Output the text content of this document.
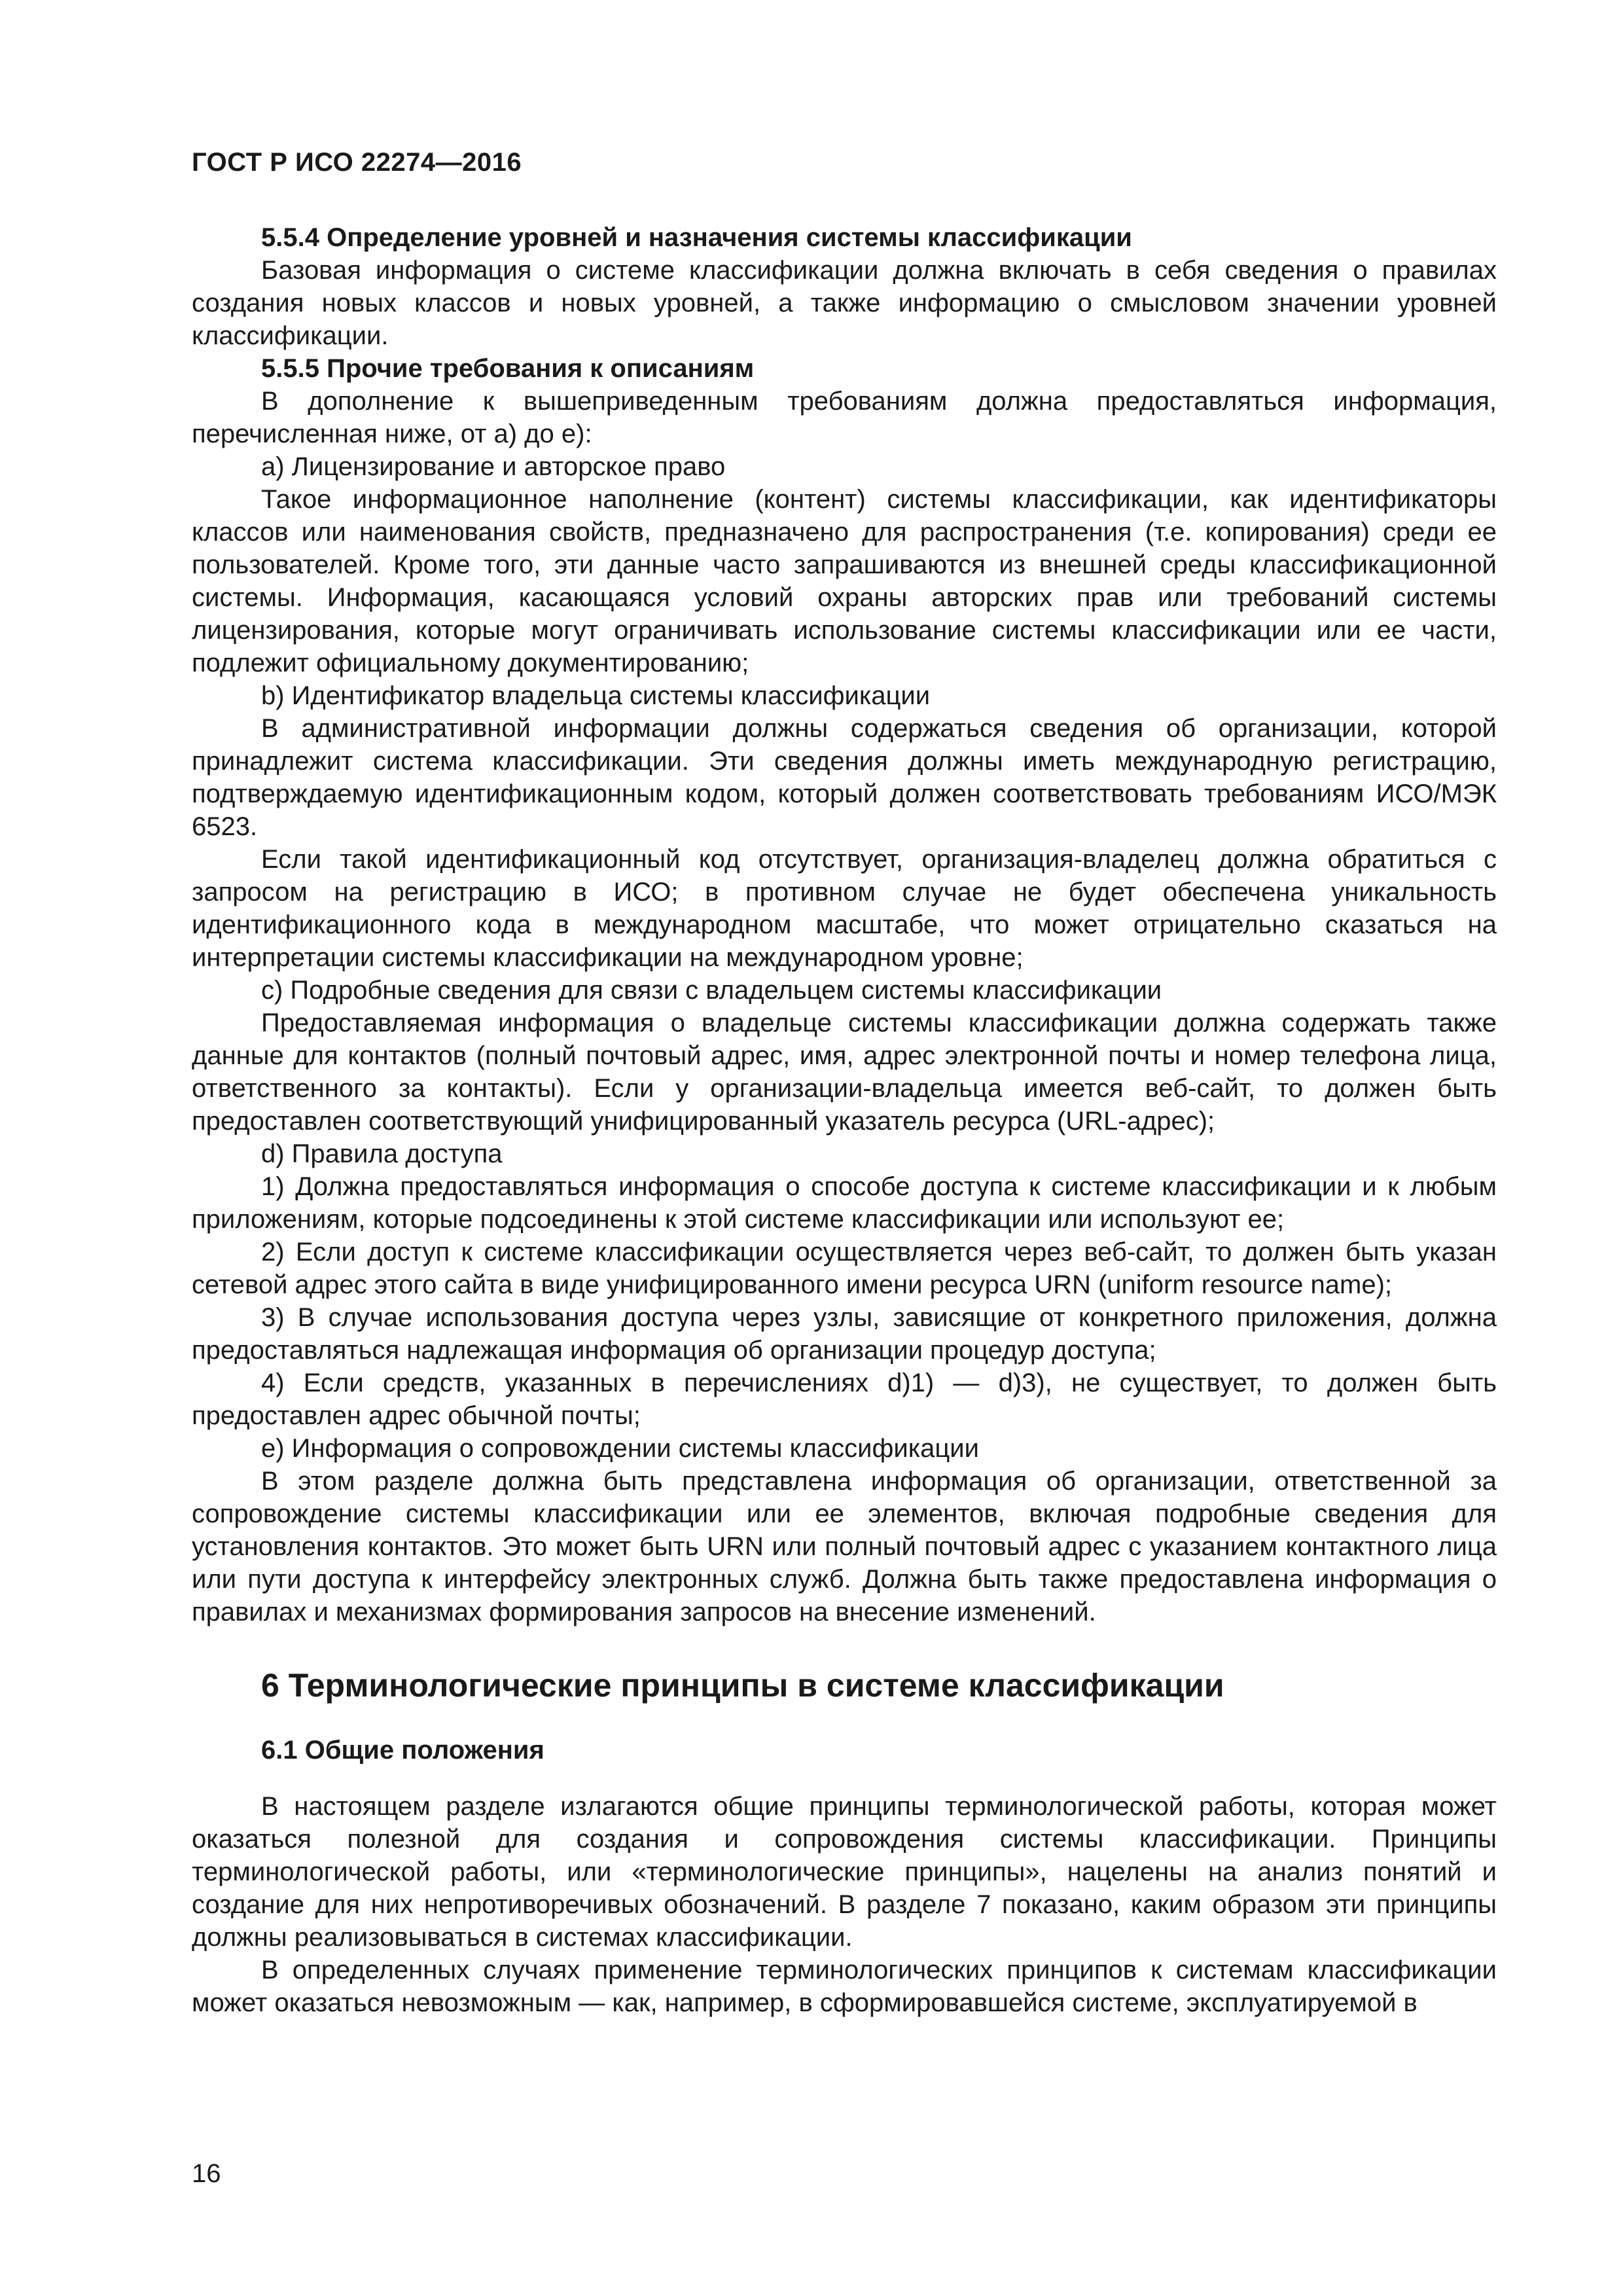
ГОСТ Р ИСО 22274—2016

5.5.4 Определение уровней и назначения системы классификации

Базовая информация о системе классификации должна включать в себя сведения о правилах создания новых классов и новых уровней, а также информацию о смысловом значении уровней классификации.

5.5.5 Прочие требования к описаниям

В дополнение к вышеприведенным требованиям должна предоставляться информация, перечисленная ниже, от а) до е):

а) Лицензирование и авторское право

Такое информационное наполнение (контент) системы классификации, как идентификаторы классов или наименования свойств, предназначено для распространения (т.е. копирования) среди ее пользователей. Кроме того, эти данные часто запрашиваются из внешней среды классификационной системы. Информация, касающаяся условий охраны авторских прав или требований системы лицензирования, которые могут ограничивать использование системы классификации или ее части, подлежит официальному документированию;

b) Идентификатор владельца системы классификации

В административной информации должны содержаться сведения об организации, которой принадлежит система классификации. Эти сведения должны иметь международную регистрацию, подтверждаемую идентификационным кодом, который должен соответствовать требованиям ИСО/МЭК 6523.

Если такой идентификационный код отсутствует, организация-владелец должна обратиться с запросом на регистрацию в ИСО; в противном случае не будет обеспечена уникальность идентификационного кода в международном масштабе, что может отрицательно сказаться на интерпретации системы классификации на международном уровне;

с) Подробные сведения для связи с владельцем системы классификации

Предоставляемая информация о владельце системы классификации должна содержать также данные для контактов (полный почтовый адрес, имя, адрес электронной почты и номер телефона лица, ответственного за контакты). Если у организации-владельца имеется веб-сайт, то должен быть предоставлен соответствующий унифицированный указатель ресурса (URL-адрес);

d) Правила доступа

1) Должна предоставляться информация о способе доступа к системе классификации и к любым приложениям, которые подсоединены к этой системе классификации или используют ее;

2) Если доступ к системе классификации осуществляется через веб-сайт, то должен быть указан сетевой адрес этого сайта в виде унифицированного имени ресурса URN (uniform resource name);

3) В случае использования доступа через узлы, зависящие от конкретного приложения, должна предоставляться надлежащая информация об организации процедур доступа;

4) Если средств, указанных в перечислениях d)1) — d)3), не существует, то должен быть предоставлен адрес обычной почты;

е) Информация о сопровождении системы классификации

В этом разделе должна быть представлена информация об организации, ответственной за сопровождение системы классификации или ее элементов, включая подробные сведения для установления контактов. Это может быть URN или полный почтовый адрес с указанием контактного лица или пути доступа к интерфейсу электронных служб. Должна быть также предоставлена информация о правилах и механизмах формирования запросов на внесение изменений.

6 Терминологические принципы в системе классификации

6.1 Общие положения

В настоящем разделе излагаются общие принципы терминологической работы, которая может оказаться полезной для создания и сопровождения системы классификации. Принципы терминологической работы, или «терминологические принципы», нацелены на анализ понятий и создание для них непротиворечивых обозначений. В разделе 7 показано, каким образом эти принципы должны реализовываться в системах классификации.

В определенных случаях применение терминологических принципов к системам классификации может оказаться невозможным — как, например, в сформировавшейся системе, эксплуатируемой в

16
